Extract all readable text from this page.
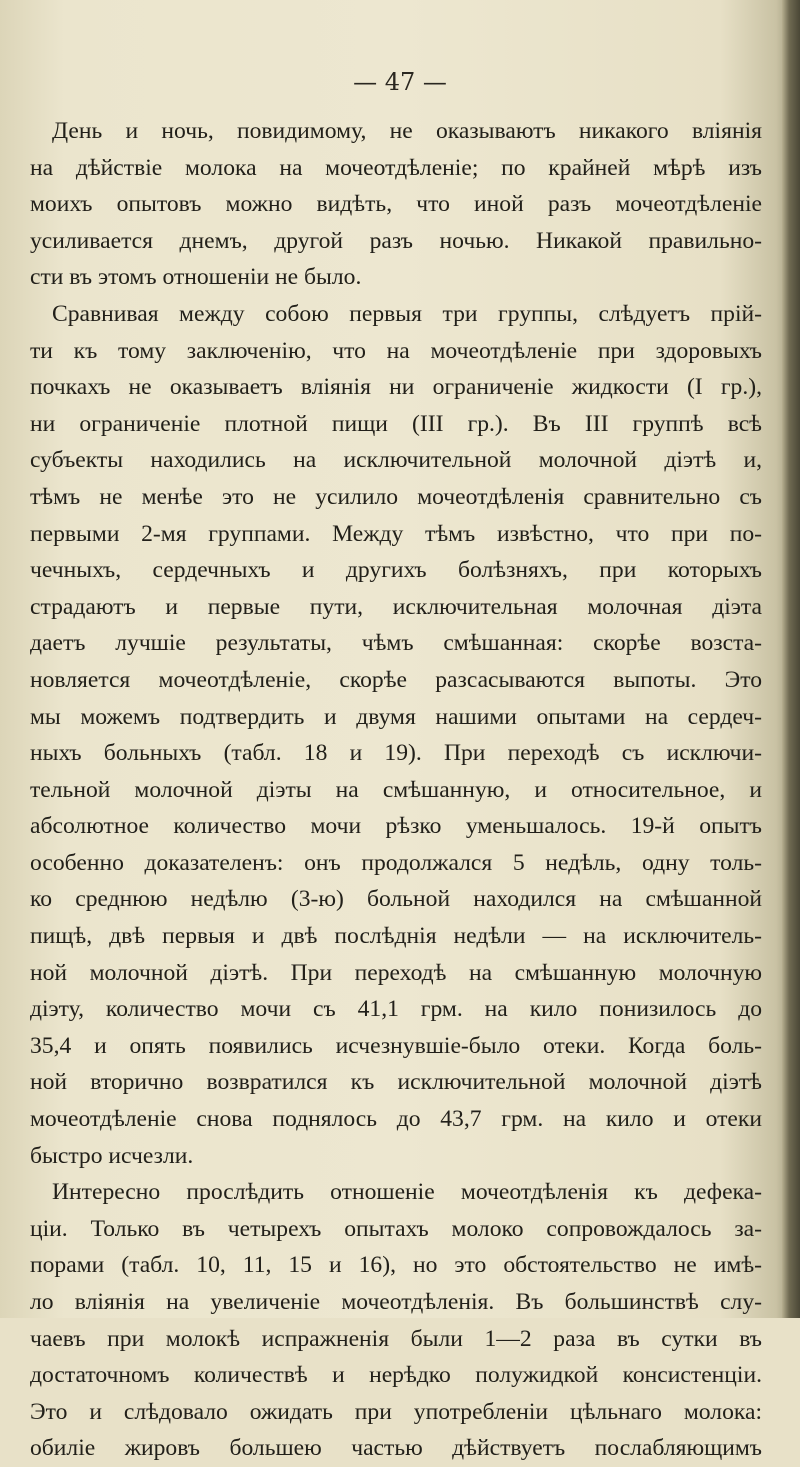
— 47 —
День и ночь, повидимому, не оказываютъ никакого вліянія
на дѣйствіе молока на мочеотдѣленіе; по крайней мѣрѣ изъ
моихъ опытовъ можно видѣть, что иной разъ мочеотдѣленіе
усиливается днемъ, другой разъ ночью. Никакой правильно-
сти въ этомъ отношеніи не было.
Сравнивая между собою первыя три группы, слѣдуетъ прій-
ти къ тому заключенію, что на мочеотдѣленіе при здоровыхъ
почкахъ не оказываетъ вліянія ни ограниченіе жидкости (I гр.),
ни ограниченіе плотной пищи (III гр.). Въ III группѣ всѣ
субъекты находились на исключительной молочной діэтѣ и,
тѣмъ не менѣе это не усилило мочеотдѣленія сравнительно съ
первыми 2-мя группами. Между тѣмъ извѣстно, что при по-
чечныхъ, сердечныхъ и другихъ болѣзняхъ, при которыхъ
страдаютъ и первые пути, исключительная молочная діэта
даетъ лучшіе результаты, чѣмъ смѣшанная: скорѣе возста-
новляется мочеотдѣленіе, скорѣе разсасываются выпоты. Это
мы можемъ подтвердить и двумя нашими опытами на сердеч-
ныхъ больныхъ (табл. 18 и 19). При переходѣ съ исключи-
тельной молочной діэты на смѣшанную, и относительное, и
абсолютное количество мочи рѣзко уменьшалось. 19-й опытъ
особенно доказателенъ: онъ продолжался 5 недѣль, одну толь-
ко среднюю недѣлю (3-ю) больной находился на смѣшанной
пищѣ, двѣ первыя и двѣ послѣднія недѣли — на исключитель-
ной молочной діэтѣ. При переходѣ на смѣшанную молочную
діэту, количество мочи съ 41,1 грм. на кило понизилось до
35,4 и опять появились исчезнувшіе-было отеки. Когда боль-
ной вторично возвратился къ исключительной молочной діэтѣ
мочеотдѣленіе снова поднялось до 43,7 грм. на кило и отеки
быстро исчезли.
Интересно прослѣдить отношеніе мочеотдѣленія къ дефека-
ціи. Только въ четырехъ опытахъ молоко сопровождалось за-
порами (табл. 10, 11, 15 и 16), но это обстоятельство не имѣ-
ло вліянія на увеличеніе мочеотдѣленія. Въ большинствѣ слу-
чаевъ при молокѣ испражненія были 1—2 раза въ сутки въ
достаточномъ количествѣ и нерѣдко полужидкой консистенціи.
Это и слѣдовало ожидать при употребленіи цѣльнаго молока:
обиліе жировъ большею частью дѣйствуетъ послабляющимъ
